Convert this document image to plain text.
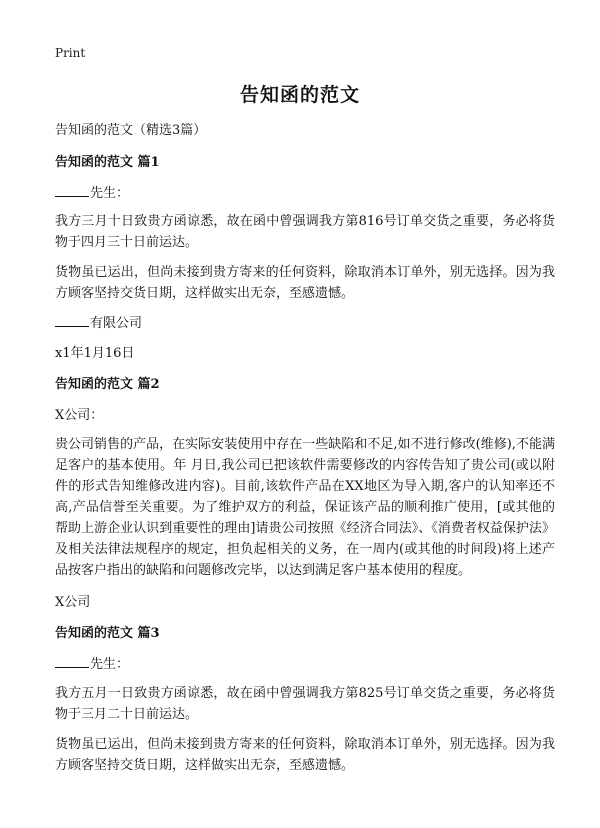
Print
告知函的范文
告知函的范文（精选3篇）
告知函的范文 篇1
先生：
我方三月十日致贵方函谅悉，故在函中曾强调我方第816号订单交货之重要，务必将货物于四月三十日前运达。
货物虽已运出，但尚未接到贵方寄来的任何资料，除取消本订单外，别无选择。因为我方顾客坚持交货日期，这样做实出无奈，至感遗憾。
有限公司
x1年1月16日
告知函的范文 篇2
X公司：
贵公司销售的产品，在实际安装使用中存在一些缺陷和不足,如不进行修改(维修),不能满足客户的基本使用。年 月日,我公司已把该软件需要修改的内容传告知了贵公司(或以附件的形式告知维修改进内容)。目前,该软件产品在XX地区为导入期,客户的认知率还不高,产品信誉至关重要。为了维护双方的利益，保证该产品的顺利推广使用，[或其他的帮助上游企业认识到重要性的理由]请贵公司按照《经济合同法》、《消费者权益保护法》及相关法律法规程序的规定，担负起相关的义务，在一周内(或其他的时间段)将上述产品按客户指出的缺陷和问题修改完毕，以达到满足客户基本使用的程度。
X公司
告知函的范文 篇3
先生：
我方五月一日致贵方函谅悉，故在函中曾强调我方第825号订单交货之重要，务必将货物于三月二十日前运达。
货物虽已运出，但尚未接到贵方寄来的任何资料，除取消本订单外，别无选择。因为我方顾客坚持交货日期，这样做实出无奈，至感遗憾。
